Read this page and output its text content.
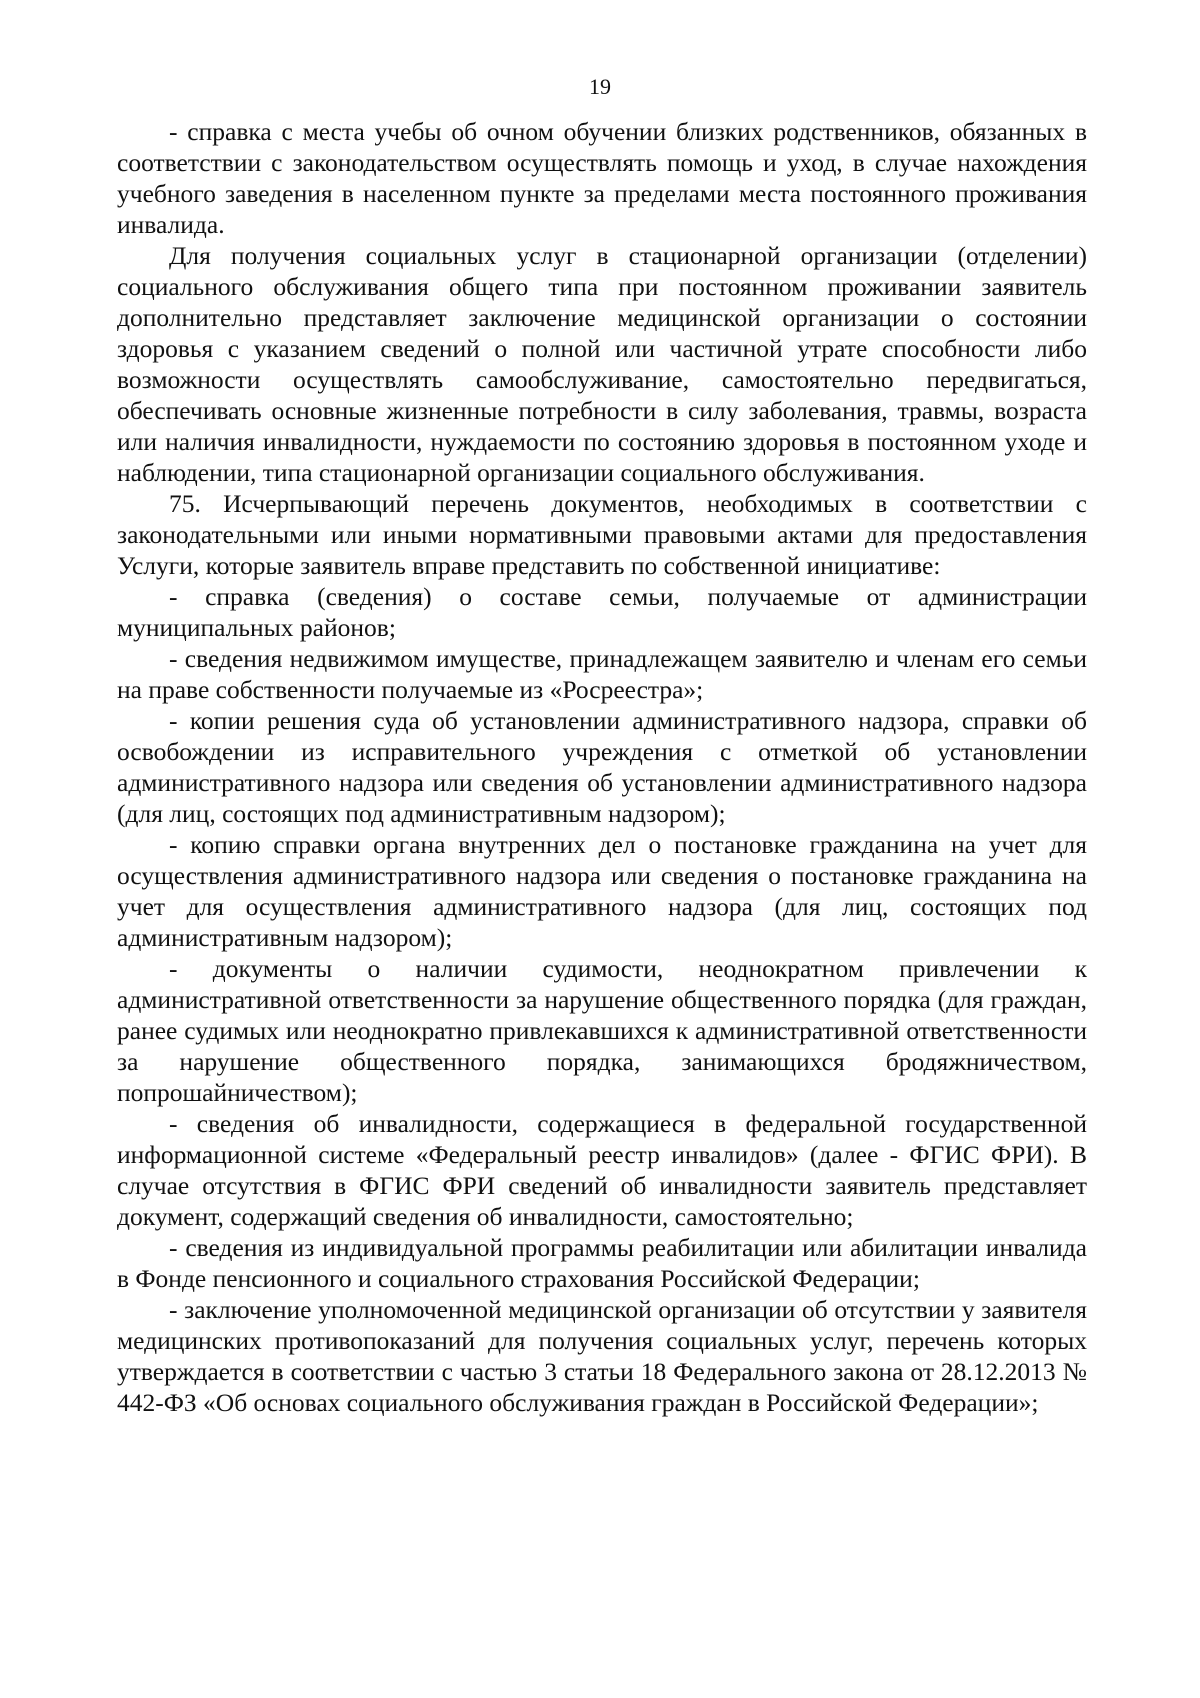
19

- справка с места учебы об очном обучении близких родственников, обязанных в соответствии с законодательством осуществлять помощь и уход, в случае нахождения учебного заведения в населенном пункте за пределами места постоянного проживания инвалида.

Для получения социальных услуг в стационарной организации (отделении) социального обслуживания общего типа при постоянном проживании заявитель дополнительно представляет заключение медицинской организации о состоянии здоровья с указанием сведений о полной или частичной утрате способности либо возможности осуществлять самообслуживание, самостоятельно передвигаться, обеспечивать основные жизненные потребности в силу заболевания, травмы, возраста или наличия инвалидности, нуждаемости по состоянию здоровья в постоянном уходе и наблюдении, типа стационарной организации социального обслуживания.

75. Исчерпывающий перечень документов, необходимых в соответствии с законодательными или иными нормативными правовыми актами для предоставления Услуги, которые заявитель вправе представить по собственной инициативе:

- справка (сведения) о составе семьи, получаемые от администрации муниципальных районов;

- сведения недвижимом имуществе, принадлежащем заявителю и членам его семьи на праве собственности получаемые из «Росреестра»;

- копии решения суда об установлении административного надзора, справки об освобождении из исправительного учреждения с отметкой об установлении административного надзора или сведения об установлении административного надзора (для лиц, состоящих под административным надзором);

- копию справки органа внутренних дел о постановке гражданина на учет для осуществления административного надзора или сведения о постановке гражданина на учет для осуществления административного надзора (для лиц, состоящих под административным надзором);

- документы о наличии судимости, неоднократном привлечении к административной ответственности за нарушение общественного порядка (для граждан, ранее судимых или неоднократно привлекавшихся к административной ответственности за нарушение общественного порядка, занимающихся бродяжничеством, попрошайничеством);

- сведения об инвалидности, содержащиеся в федеральной государственной информационной системе «Федеральный реестр инвалидов» (далее - ФГИС ФРИ). В случае отсутствия в ФГИС ФРИ сведений об инвалидности заявитель представляет документ, содержащий сведения об инвалидности, самостоятельно;

- сведения из индивидуальной программы реабилитации или абилитации инвалида в Фонде пенсионного и социального страхования Российской Федерации;

- заключение уполномоченной медицинской организации об отсутствии у заявителя медицинских противопоказаний для получения социальных услуг, перечень которых утверждается в соответствии с частью 3 статьи 18 Федерального закона от 28.12.2013 № 442-ФЗ «Об основах социального обслуживания граждан в Российской Федерации»;
